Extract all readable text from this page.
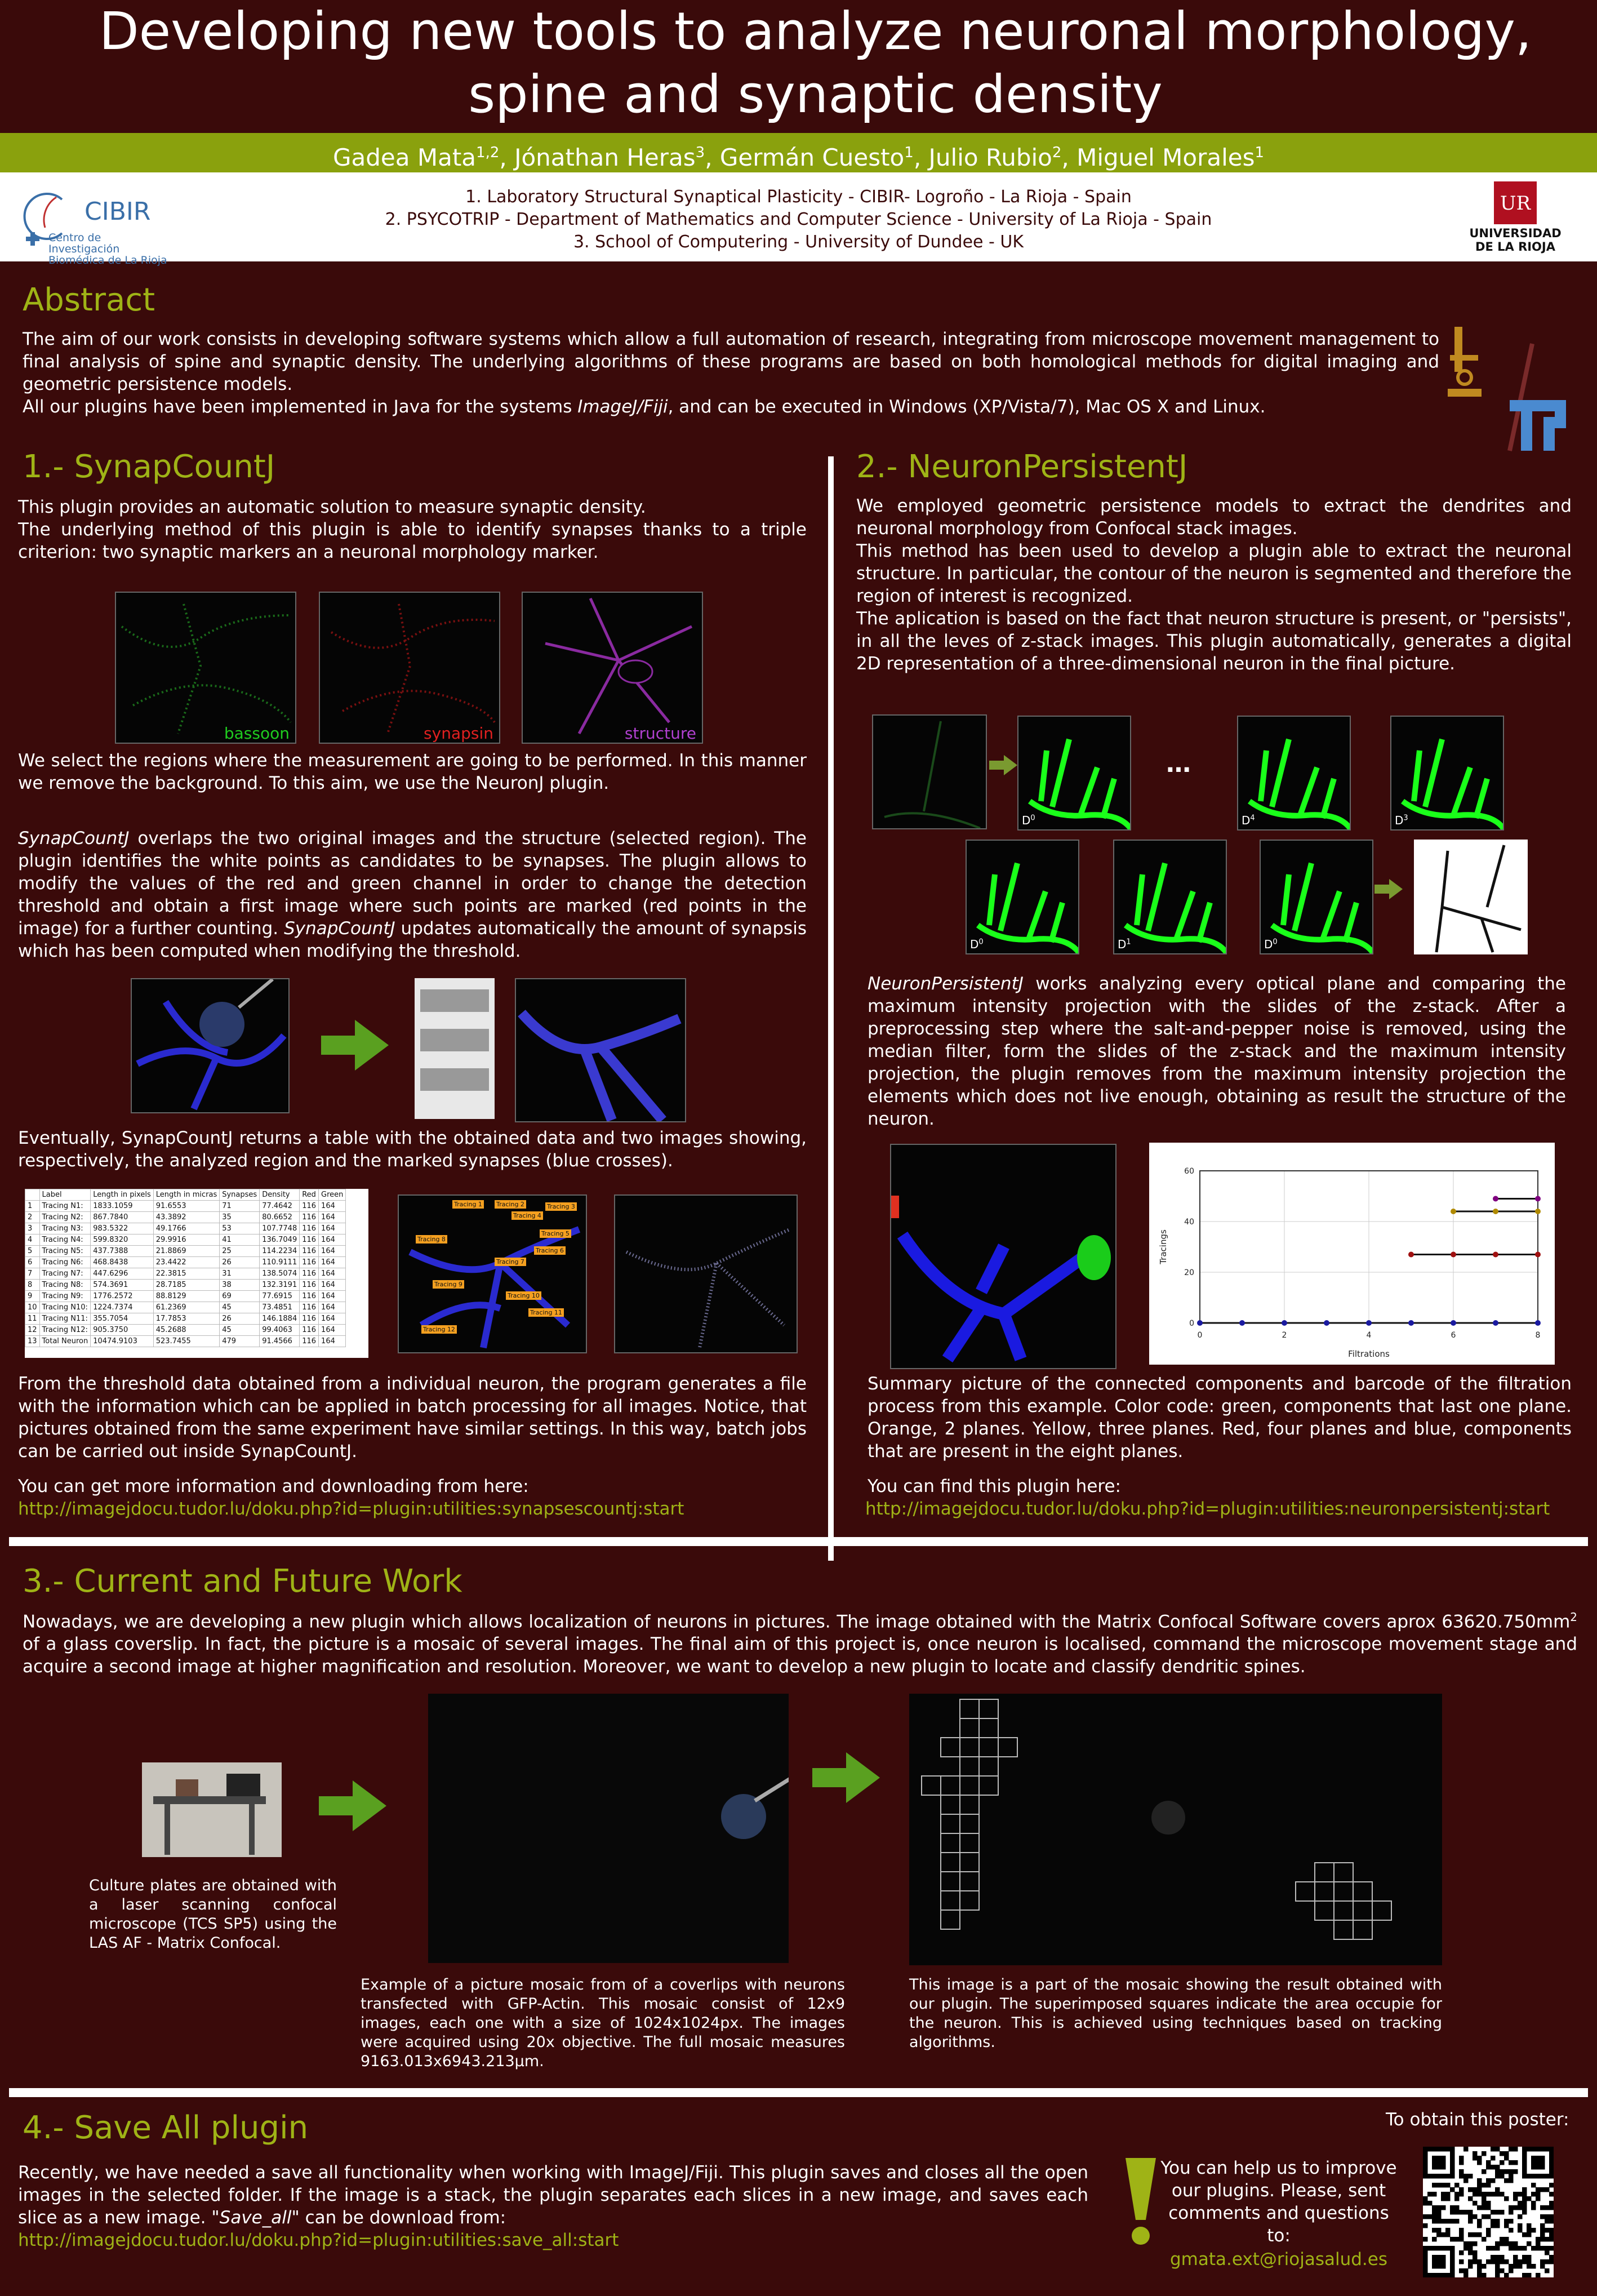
Developing new tools to analyze neuronal morphology,
spine and synaptic density
Gadea Mata$^{1,2}$, Jónathan Heras$^3$, Germán Cuesto$^1$, Julio Rubio$^2$, Miguel Morales$^1$
CIBIR
Centro de Investigación
Biomédica de La Rioja
1. Laboratory Structural Synaptical Plasticity - CIBIR- Logroño - La Rioja - Spain
2. PSYCOTRIP - Department of Mathematics and Computer Science - University of La Rioja - Spain
3. School of Computering - University of Dundee - UK
UR
UNIVERSIDAD
DE LA RIOJA
Abstract
The aim of our work consists in developing software systems which allow a full automation of research, integrating from microscope movement management to final analysis of spine and synaptic density. The underlying algorithms of these programs are based on both homological methods for digital imaging and geometric persistence models.
All our plugins have been implemented in Java for the systems ImageJ/Fiji, and can be executed in Windows (XP/Vista/7), Mac OS X and Linux.
1.- SynapCountJ
This plugin provides an automatic solution to measure synaptic density.
The underlying method of this plugin is able to identify synapses thanks to a triple criterion: two synaptic markers an a neuronal morphology marker.
bassoon	synapsin	structure
We select the regions where the measurement are going to be performed. In this manner we remove the background. To this aim, we use the NeuronJ plugin.
SynapCountJ overlaps the two original images and the structure (selected region). The plugin identifies the white points as candidates to be synapses. The plugin allows to modify the values of the red and green channel in order to change the detection threshold and obtain a first image where such points are marked (red points in the image) for a further counting. SynapCountJ updates automatically the amount of synapsis which has been computed when modifying the threshold.
Eventually, SynapCountJ returns a table with the obtained data and two images showing, respectively, the analyzed region and the marked synapses (blue crosses).
	Label	Length in pixels	Length in micras	Synapses	Density	Red	Green
1	Tracing N1:	1833.1059	91.6553	71	77.4642	116	164
2	Tracing N2:	867.7840	43.3892	35	80.6652	116	164
3	Tracing N3:	983.5322	49.1766	53	107.7748	116	164
4	Tracing N4:	599.8320	29.9916	41	136.7049	116	164
5	Tracing N5:	437.7388	21.8869	25	114.2234	116	164
6	Tracing N6:	468.8438	23.4422	26	110.9111	116	164
7	Tracing N7:	447.6296	22.3815	31	138.5074	116	164
8	Tracing N8:	574.3691	28.7185	38	132.3191	116	164
9	Tracing N9:	1776.2572	88.8129	69	77.6915	116	164
10	Tracing N10:	1224.7374	61.2369	45	73.4851	116	164
11	Tracing N11:	355.7054	17.7853	26	146.1884	116	164
12	Tracing N12:	905.3750	45.2688	45	99.4063	116	164
13	Total Neuron	10474.9103	523.7455	479	91.4566	116	164
Tracing 1 Tracing 2	Tracing 3
Tracing 4
Tracing 5
Tracing 6
Tracing 7
Tracing 8
Tracing 9
Tracing 10
Tracing 11
Tracing 12
From the threshold data obtained from a individual neuron, the program generates a file with the information which can be applied in batch processing for all images. Notice, that pictures obtained from the same experiment have similar settings. In this way, batch jobs can be carried out inside SynapCountJ.
You can get more information and downloading from here:
http://imagejdocu.tudor.lu/doku.php?id=plugin:utilities:synapsescountj:start
2.- NeuronPersistentJ
We employed geometric persistence models to extract the dendrites and neuronal morphology from Confocal stack images.
This method has been used to develop a plugin able to extract the neuronal structure. In particular, the contour of the neuron is segmented and therefore the region of interest is recognized.
The aplication is based on the fact that neuron structure is present, or "persists", in all the leves of z-stack images. This plugin automatically, generates a digital 2D representation of a three-dimensional neuron in the final picture.
$D^0$	$D^4$	$D^3$
$D^0$	$D^1$	$D^0$
…
NeuronPersistentJ works analyzing every optical plane and comparing the maximum intensity projection with the slides of the z-stack. After a preprocessing step where the salt-and-pepper noise is removed, using the median filter, form the slides of the z-stack and the maximum intensity projection, the plugin removes from the maximum intensity projection the elements which does not live enough, obtaining as result the structure of the neuron.
0	2	4	6	8
0
20
40
60
Filtrations
Tracings
Summary picture of the connected components and barcode of the filtration process from this example. Color code: green, components that last one plane. Orange, 2 planes. Yellow, three planes. Red, four planes and blue, components that are present in the eight planes.
You can find this plugin here:
http://imagejdocu.tudor.lu/doku.php?id=plugin:utilities:neuronpersistentj:start
3.- Current and Future Work
Nowadays, we are developing a new plugin which allows localization of neurons in pictures. The image obtained with the Matrix Confocal Software covers aprox $63620.750mm^2$ of a glass coverslip. In fact, the picture is a mosaic of several images. The final aim of this project is, once neuron is localised, command the microscope movement stage and acquire a second image at higher magnification and resolution. Moreover, we want to develop a new plugin to locate and classify dendritic spines.
Culture plates are obtained with a laser scanning confocal microscope (TCS SP5) using the LAS AF - Matrix Confocal.
Example of a picture mosaic from of a coverlips with neurons transfected with GFP-Actin. This mosaic consist of 12x9 images, each one with a size of 1024x1024px. The images were acquired using 20x objective. The full mosaic measures 9163.013x6943.213μm.
This image is a part of the mosaic showing the result obtained with our plugin. The superimposed squares indicate the area occupie for the neuron. This is achieved using techniques based on tracking algorithms.
4.- Save All plugin
Recently, we have needed a save all functionality when working with ImageJ/Fiji. This plugin saves and closes all the open images in the selected folder. If the image is a stack, the plugin separates each slices in a new image, and saves each slice as a new image. "Save_all" can be download from:
http://imagejdocu.tudor.lu/doku.php?id=plugin:utilities:save_all:start
You can help us to improve our plugins. Please, sent comments and questions to:
gmata.ext@riojasalud.es
To obtain this poster:
